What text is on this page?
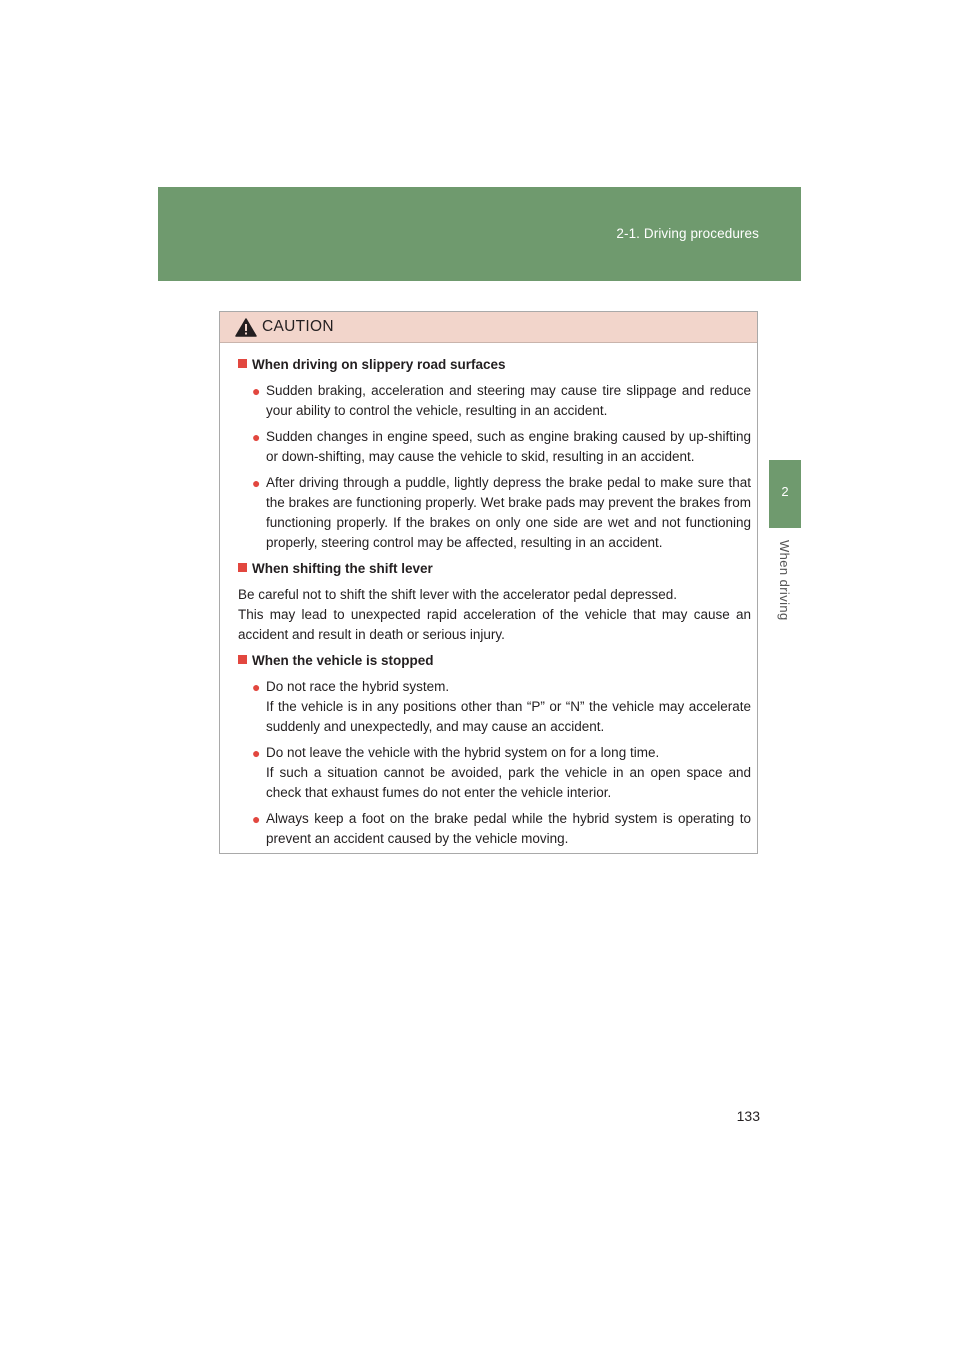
2-1. Driving procedures
2
When driving
CAUTION
When driving on slippery road surfaces
● Sudden braking, acceleration and steering may cause tire slippage and reduce your ability to control the vehicle, resulting in an accident.

● Sudden changes in engine speed, such as engine braking caused by up-shifting or down-shifting, may cause the vehicle to skid, resulting in an accident.

● After driving through a puddle, lightly depress the brake pedal to make sure that the brakes are functioning properly. Wet brake pads may prevent the brakes from functioning properly. If the brakes on only one side are wet and not functioning properly, steering control may be affected, resulting in an accident.

When shifting the shift lever

Be careful not to shift the shift lever with the accelerator pedal depressed.

This may lead to unexpected rapid acceleration of the vehicle that may cause an accident and result in death or serious injury.

When the vehicle is stopped
● Do not race the hybrid system.

If the vehicle is in any positions other than “P” or “N” the vehicle may accelerate suddenly and unexpectedly, and may cause an accident.

● Do not leave the vehicle with the hybrid system on for a long time.

If such a situation cannot be avoided, park the vehicle in an open space and check that exhaust fumes do not enter the vehicle interior.

● Always keep a foot on the brake pedal while the hybrid system is operating to prevent an accident caused by the vehicle moving.

133
